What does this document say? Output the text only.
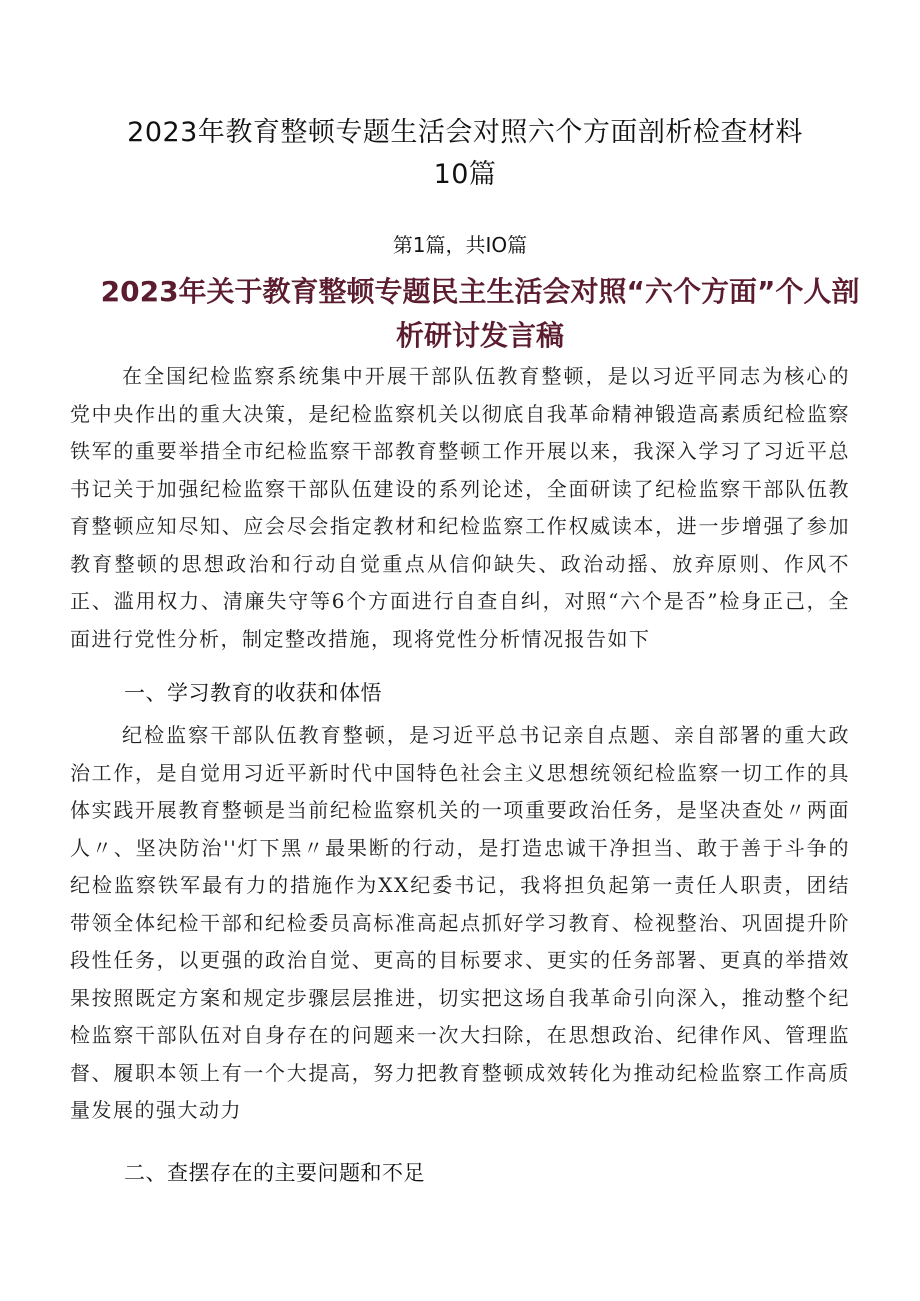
2023年教育整顿专题生活会对照六个方面剖析检查材料10篇
第1篇，共IO篇
2023年关于教育整顿专题民主生活会对照“六个方面”个人剖析研讨发言稿

在全国纪检监察系统集中开展干部队伍教育整顿，是以习近平同志为核心的党中央作出的重大决策，是纪检监察机关以彻底自我革命精神锻造高素质纪检监察铁军的重要举措全市纪检监察干部教育整顿工作开展以来，我深入学习了习近平总书记关于加强纪检监察干部队伍建设的系列论述，全面研读了纪检监察干部队伍教育整顿应知尽知、应会尽会指定教材和纪检监察工作权威读本，进一步增强了参加教育整顿的思想政治和行动自觉重点从信仰缺失、政治动摇、放弃原则、作风不正、滥用权力、清廉失守等6个方面进行自查自纠，对照“六个是否”检身正己，全面进行党性分析，制定整改措施，现将党性分析情况报告如下

一、学习教育的收获和体悟

纪检监察干部队伍教育整顿，是习近平总书记亲自点题、亲自部署的重大政治工作，是自觉用习近平新时代中国特色社会主义思想统领纪检监察一切工作的具体实践开展教育整顿是当前纪检监察机关的一项重要政治任务，是坚决查处〃两面人〃、坚决防治''灯下黑〃最果断的行动，是打造忠诚干净担当、敢于善于斗争的纪检监察铁军最有力的措施作为XX纪委书记，我将担负起第一责任人职责，团结带领全体纪检干部和纪检委员高标准高起点抓好学习教育、检视整治、巩固提升阶段性任务，以更强的政治自觉、更高的目标要求、更实的任务部署、更真的举措效果按照既定方案和规定步骤层层推进，切实把这场自我革命引向深入，推动整个纪检监察干部队伍对自身存在的问题来一次大扫除，在思想政治、纪律作风、管理监督、履职本领上有一个大提高，努力把教育整顿成效转化为推动纪检监察工作高质量发展的强大动力

二、查摆存在的主要问题和不足
